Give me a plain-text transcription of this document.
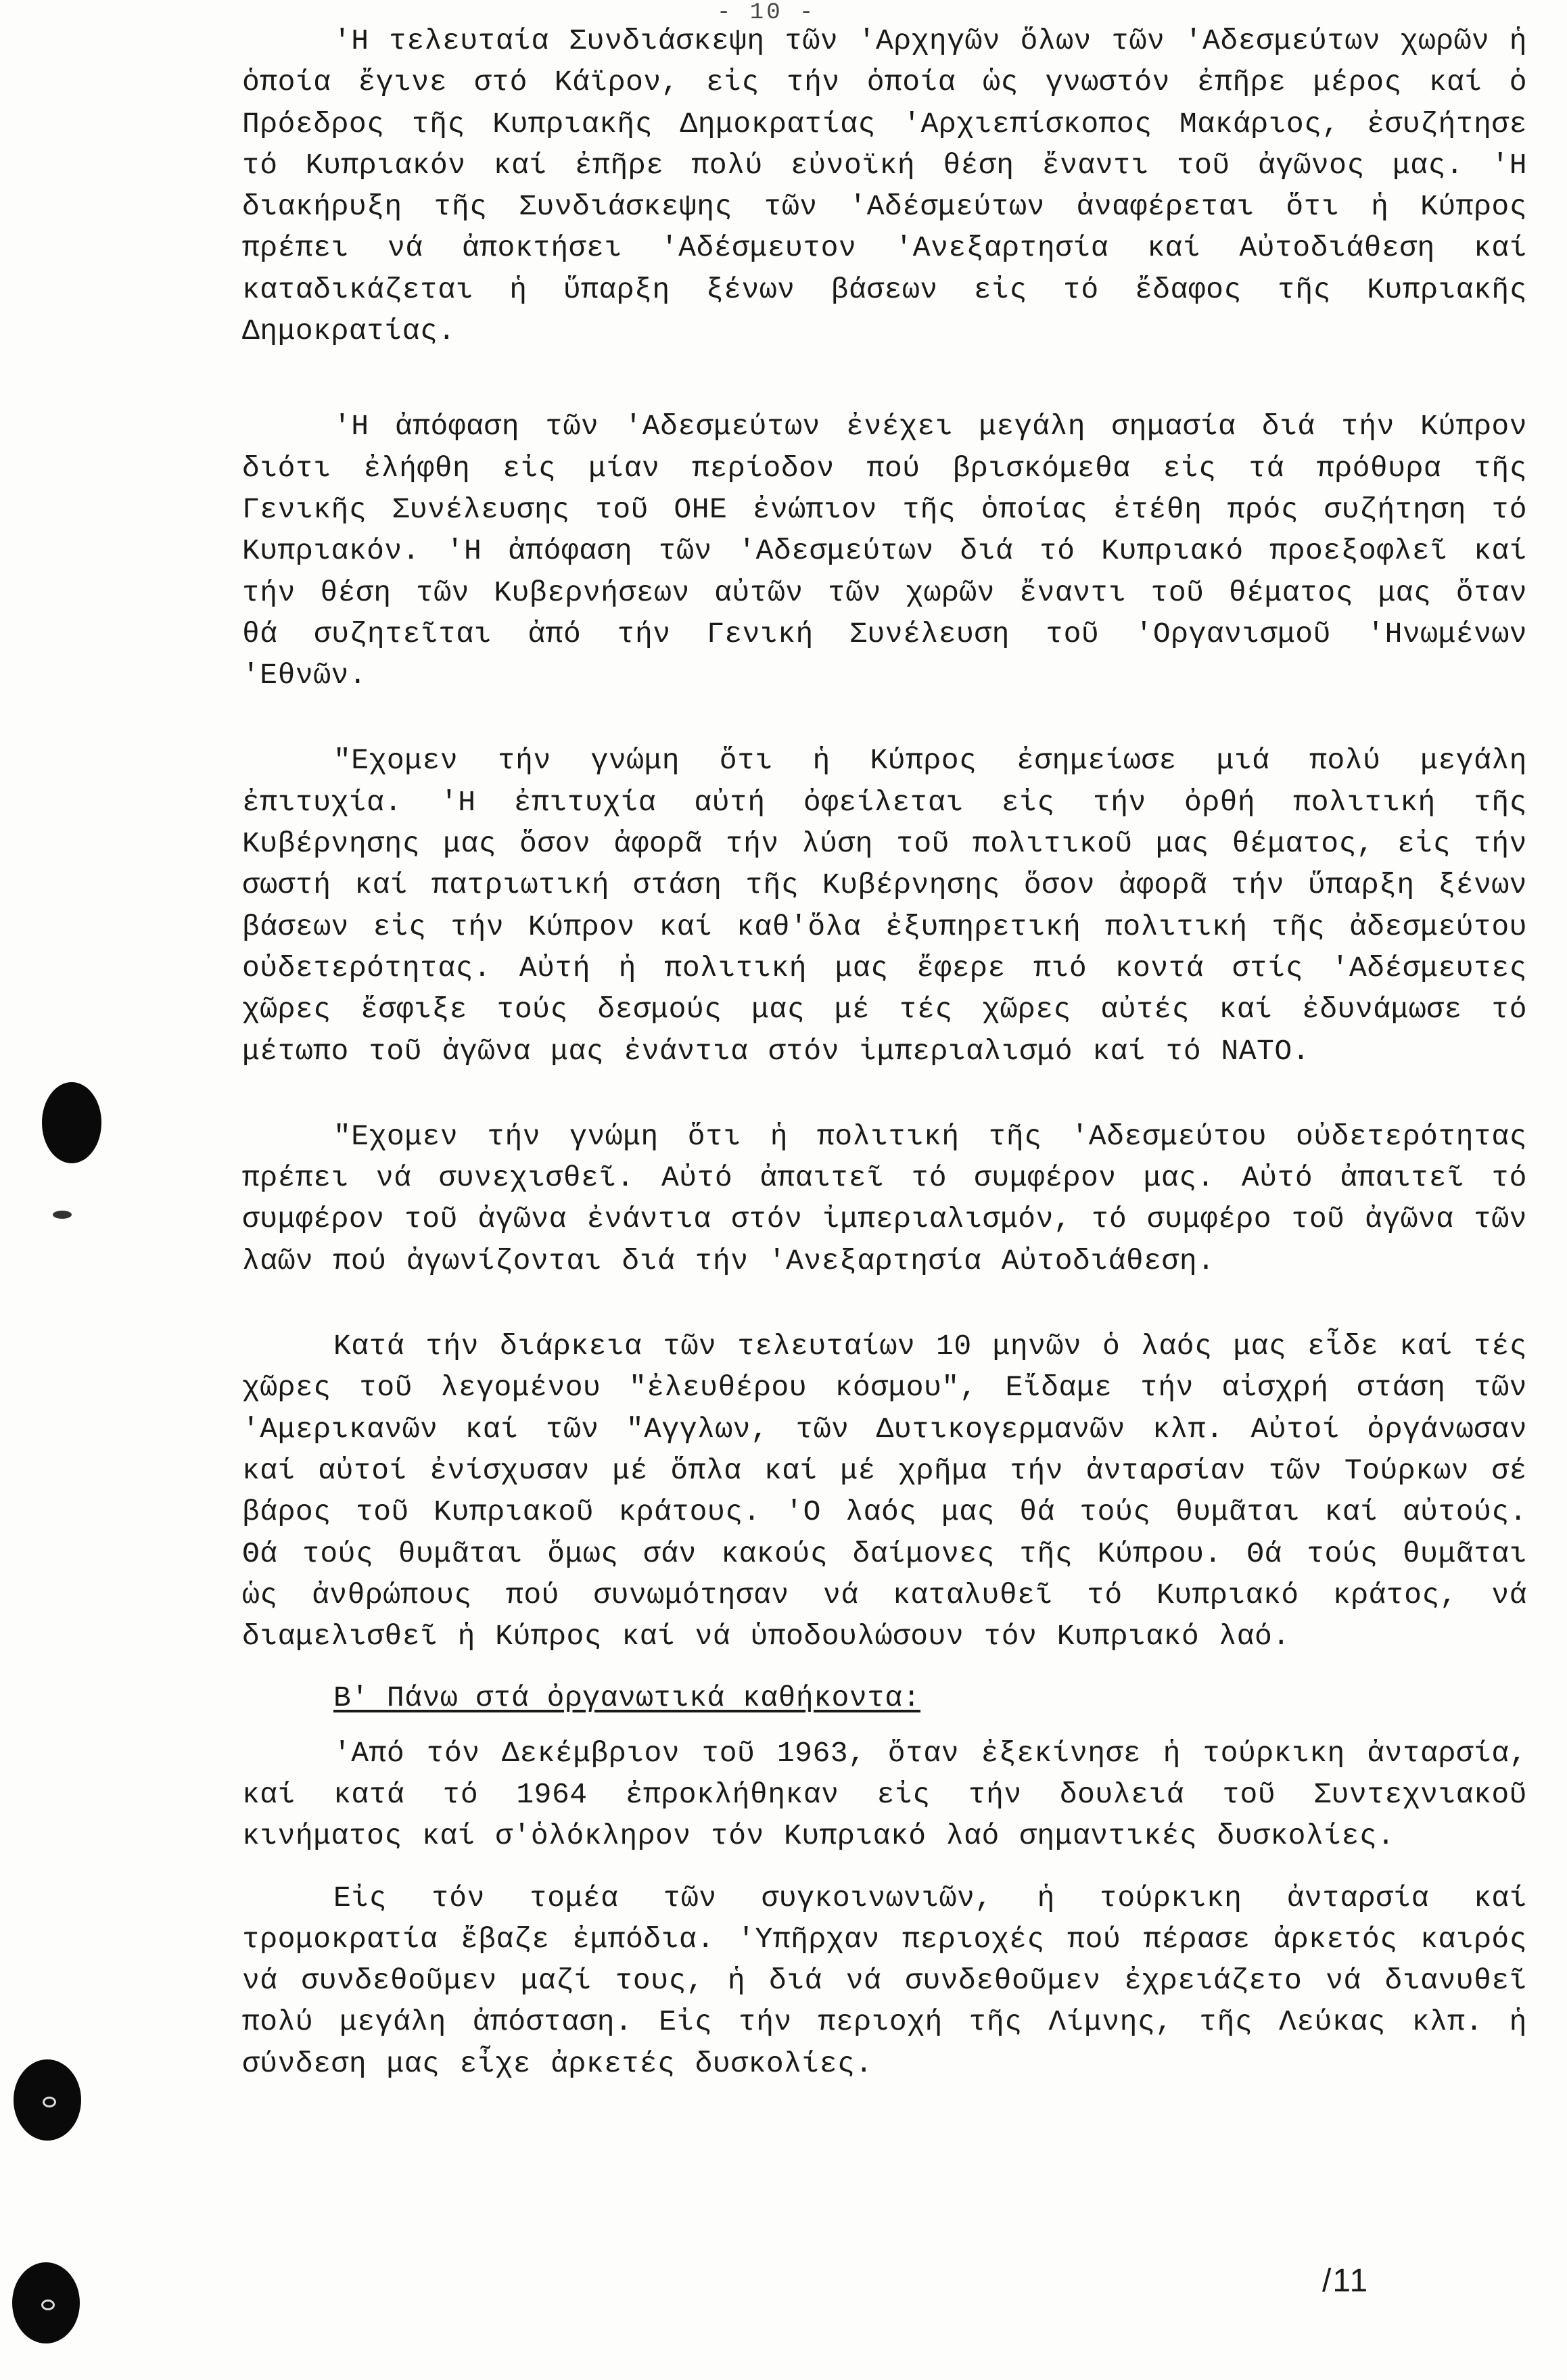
- 10 -

'Η τελευταία Συνδιάσκεψη τῶν 'Αρχηγῶν ὅλων τῶν 'Αδεσμεύτων χωρῶν ἡ ὁποία ἔγινε στό Κάϊρον, εἰς τήν ὁποία ὡς γνωστόν ἐπῆρε μέρος καί ὁ Πρόεδρος τῆς Κυπριακῆς Δημοκρατίας 'Αρχιεπίσκοπος Μακάριος, ἐσυζήτησε τό Κυπριακόν καί ἐπῆρε πολύ εὐνοϊκή θέση ἔναντι τοῦ ἀγῶνος μας. 'Η διακήρυξη τῆς Συνδιάσκεψης τῶν 'Αδέσμεύτων ἀναφέρεται ὅτι ἡ Κύπρος πρέπει νά ἀποκτήσει 'Αδέσμευτον 'Ανεξαρτησία καί Αὐτοδιάθεση καί καταδικάζεται ἡ ὕπαρξη ξένων βάσεων εἰς τό ἔδαφος τῆς Κυπριακῆς Δημοκρατίας.

'Η ἀπόφαση τῶν 'Αδεσμεύτων ἐνέχει μεγάλη σημασία διά τήν Κύπρον διότι ἐλήφθη εἰς μίαν περίοδον πού βρισκόμεθα εἰς τά πρόθυρα τῆς Γενικῆς Συνέλευσης τοῦ ΟΗΕ ἐνώπιον τῆς ὁποίας ἐτέθη πρός συζήτηση τό Κυπριακόν. 'Η ἀπόφαση τῶν 'Αδεσμεύτων διά τό Κυπριακό προεξοφλεῖ καί τήν θέση τῶν Κυβερνήσεων αὐτῶν τῶν χωρῶν ἔναντι τοῦ θέματος μας ὅταν θά συζητεῖται ἀπό τήν Γενική Συνέλευση τοῦ 'Οργανισμοῦ 'Ηνωμένων 'Εθνῶν.

"Εχομεν τήν γνώμη ὅτι ἡ Κύπρος ἐσημείωσε μιά πολύ μεγάλη ἐπιτυχία. 'Η ἐπιτυχία αὐτή ὀφείλεται εἰς τήν ὀρθή πολιτική τῆς Κυβέρνησης μας ὅσον ἀφορᾶ τήν λύση τοῦ πολιτικοῦ μας θέματος, εἰς τήν σωστή καί πατριωτική στάση τῆς Κυβέρνησης ὅσον ἀφορᾶ τήν ὕπαρξη ξένων βάσεων εἰς τήν Κύπρον καί καθ'ὅλα ἐξυπηρετική πολιτική τῆς ἀδεσμεύτου οὐδετερότητας. Αὐτή ἡ πολιτική μας ἔφερε πιό κοντά στίς 'Αδέσμευτες χῶρες ἔσφιξε τούς δεσμούς μας μέ τές χῶρες αὐτές καί ἐδυνάμωσε τό μέτωπο τοῦ ἀγῶνα μας ἐνάντια στόν ἰμπεριαλισμό καί τό ΝΑΤΟ.

"Εχομεν τήν γνώμη ὅτι ἡ πολιτική τῆς 'Αδεσμεύτου οὐδετερότητας πρέπει νά συνεχισθεῖ. Αὐτό ἀπαιτεῖ τό συμφέρον μας. Αὐτό ἀπαιτεῖ τό συμφέρον τοῦ ἀγῶνα ἐνάντια στόν ἰμπεριαλισμόν, τό συμφέρο τοῦ ἀγῶνα τῶν λαῶν πού ἀγωνίζονται διά τήν 'Ανεξαρτησία Αὐτοδιάθεση.

Κατά τήν διάρκεια τῶν τελευταίων 10 μηνῶν ὁ λαός μας εἶδε καί τές χῶρες τοῦ λεγομένου "ἐλευθέρου κόσμου", Εἴδαμε τήν αἰσχρή στάση τῶν 'Αμερικανῶν καί τῶν "Αγγλων, τῶν Δυτικογερμανῶν κλπ. Αὐτοί ὀργάνωσαν καί αὐτοί ἐνίσχυσαν μέ ὅπλα καί μέ χρῆμα τήν ἀνταρσίαν τῶν Τούρκων σέ βάρος τοῦ Κυπριακοῦ κράτους. 'Ο λαός μας θά τούς θυμᾶται καί αὐτούς. Θά τούς θυμᾶται ὅμως σάν κακούς δαίμονες τῆς Κύπρου. Θά τούς θυμᾶται ὡς ἀνθρώπους πού συνωμότησαν νά καταλυθεῖ τό Κυπριακό κράτος, νά διαμελισθεῖ ἡ Κύπρος καί νά ὑποδουλώσουν τόν Κυπριακό λαό.

Β' Πάνω στά ὀργανωτικά καθήκοντα:

'Από τόν Δεκέμβριον τοῦ 1963, ὅταν ἐξεκίνησε ἡ τούρκικη ἀνταρσία, καί κατά τό 1964 ἐπροκλήθηκαν εἰς τήν δουλειά τοῦ Συντεχνιακοῦ κινήματος καί σ'ὁλόκληρον τόν Κυπριακό λαό σημαντικές δυσκολίες.

Εἰς τόν τομέα τῶν συγκοινωνιῶν, ἡ τούρκικη ἀνταρσία καί τρομοκρατία ἔβαζε ἐμπόδια. 'Υπῆρχαν περιοχές πού πέρασε ἀρκετός καιρός νά συνδεθοῦμεν μαζί τους, ἡ διά νά συνδεθοῦμεν ἐχρειάζετο νά διανυθεῖ πολύ μεγάλη ἀπόσταση. Εἰς τήν περιοχή τῆς Λίμνης, τῆς Λεύκας κλπ. ἡ σύνδεση μας εἶχε ἀρκετές δυσκολίες.

/11
